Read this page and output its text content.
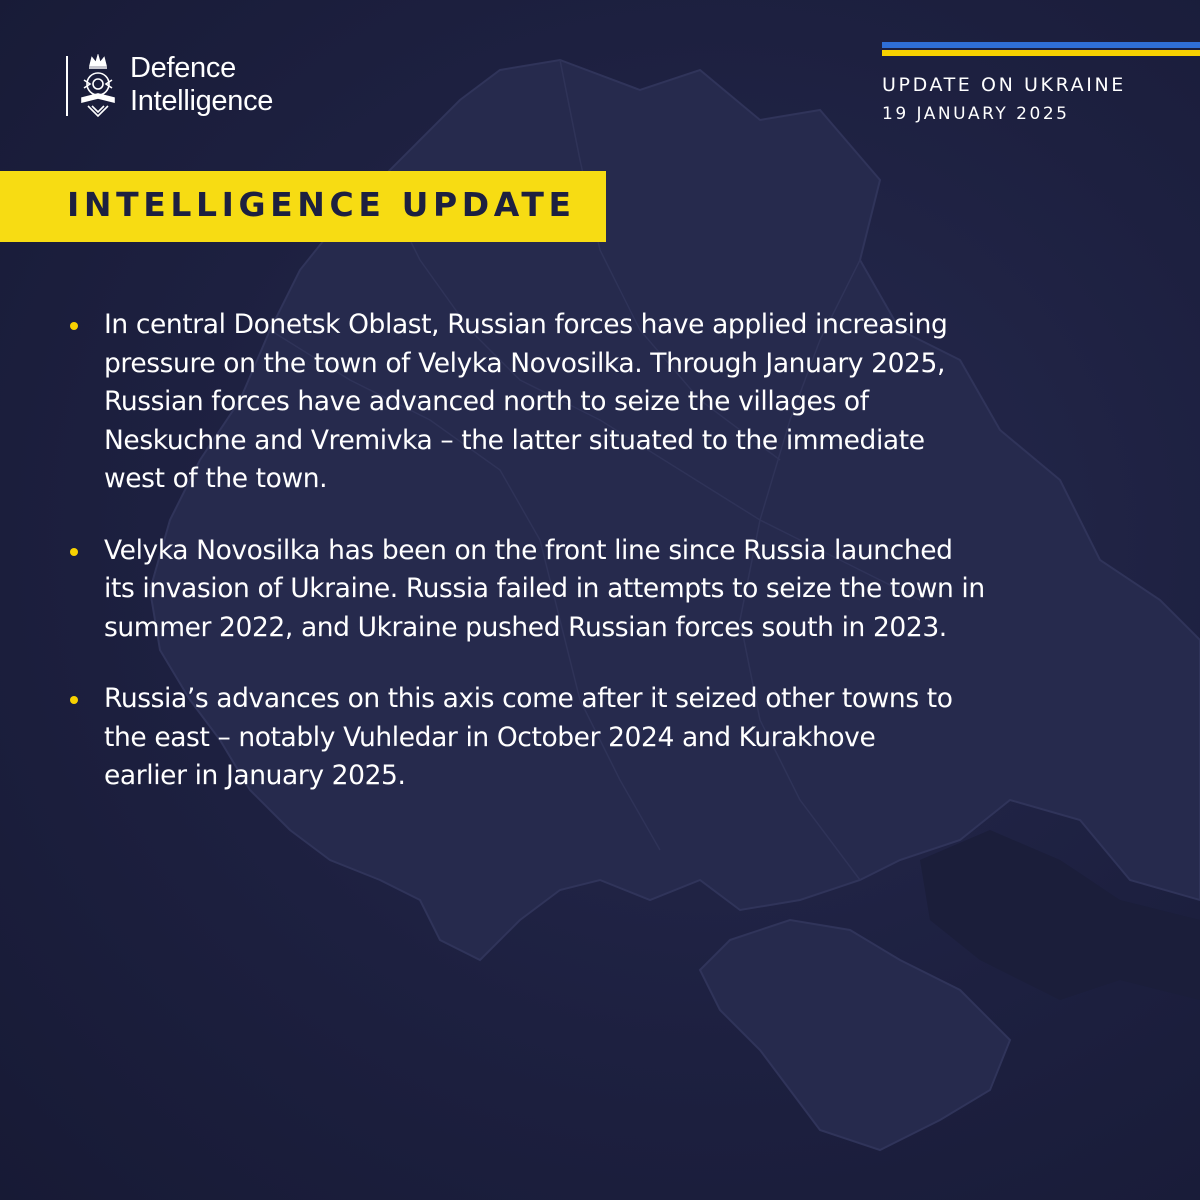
Defence
Intelligence	UPDATE ON UKRAINE
19 JANUARY 2025
INTELLIGENCE UPDATE
In central Donetsk Oblast, Russian forces have applied increasing
pressure on the town of Velyka Novosilka. Through January 2025,
Russian forces have advanced north to seize the villages of
Neskuchne and Vremivka – the latter situated to the immediate
west of the town.
Velyka Novosilka has been on the front line since Russia launched
its invasion of Ukraine. Russia failed in attempts to seize the town in
summer 2022, and Ukraine pushed Russian forces south in 2023.
Russia’s advances on this axis come after it seized other towns to
the east – notably Vuhledar in October 2024 and Kurakhove
earlier in January 2025.
